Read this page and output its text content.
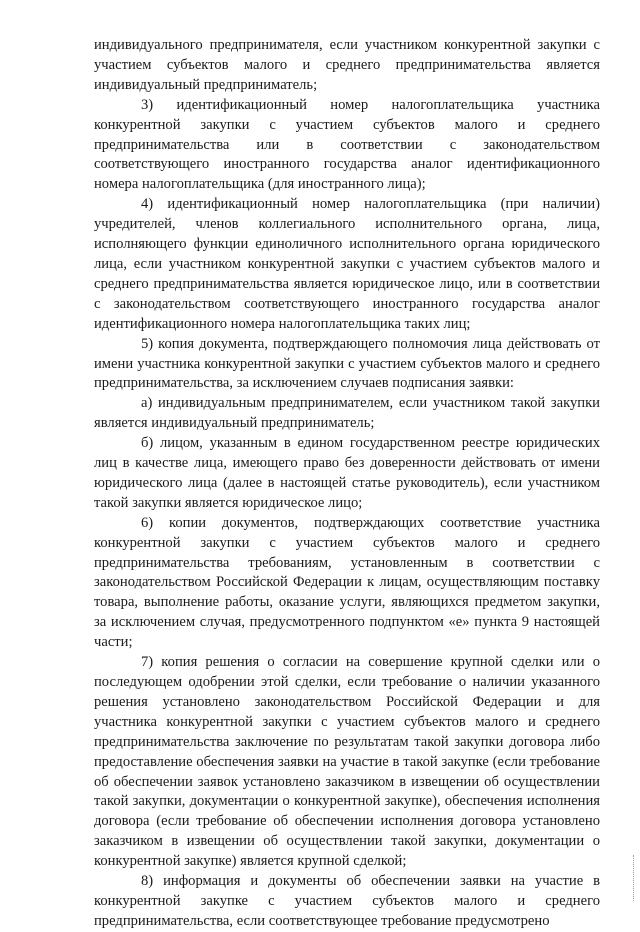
индивидуального предпринимателя, если участником конкурентной закупки с участием субъектов малого и среднего предпринимательства является индивидуальный предприниматель;

3) идентификационный номер налогоплательщика участника конкурентной закупки с участием субъектов малого и среднего предпринимательства или в соответствии с законодательством соответствующего иностранного государства аналог идентификационного номера налогоплательщика (для иностранного лица);

4) идентификационный номер налогоплательщика (при наличии) учредителей, членов коллегиального исполнительного органа, лица, исполняющего функции единоличного исполнительного органа юридического лица, если участником конкурентной закупки с участием субъектов малого и среднего предпринимательства является юридическое лицо, или в соответствии с законодательством соответствующего иностранного государства аналог идентификационного номера налогоплательщика таких лиц;

5) копия документа, подтверждающего полномочия лица действовать от имени участника конкурентной закупки с участием субъектов малого и среднего предпринимательства, за исключением случаев подписания заявки:

а) индивидуальным предпринимателем, если участником такой закупки является индивидуальный предприниматель;

б) лицом, указанным в едином государственном реестре юридических лиц в качестве лица, имеющего право без доверенности действовать от имени юридического лица (далее в настоящей статье руководитель), если участником такой закупки является юридическое лицо;

6) копии документов, подтверждающих соответствие участника конкурентной закупки с участием субъектов малого и среднего предпринимательства требованиям, установленным в соответствии с законодательством Российской Федерации к лицам, осуществляющим поставку товара, выполнение работы, оказание услуги, являющихся предметом закупки, за исключением случая, предусмотренного подпунктом «е» пункта 9 настоящей части;

7) копия решения о согласии на совершение крупной сделки или о последующем одобрении этой сделки, если требование о наличии указанного решения установлено законодательством Российской Федерации и для участника конкурентной закупки с участием субъектов малого и среднего предпринимательства заключение по результатам такой закупки договора либо предоставление обеспечения заявки на участие в такой закупке (если требование об обеспечении заявок установлено заказчиком в извещении об осуществлении такой закупки, документации о конкурентной закупке), обеспечения исполнения договора (если требование об обеспечении исполнения договора установлено заказчиком в извещении об осуществлении такой закупки, документации о конкурентной закупке) является крупной сделкой;

8) информация и документы об обеспечении заявки на участие в конкурентной закупке с участием субъектов малого и среднего предпринимательства, если соответствующее требование предусмотрено
